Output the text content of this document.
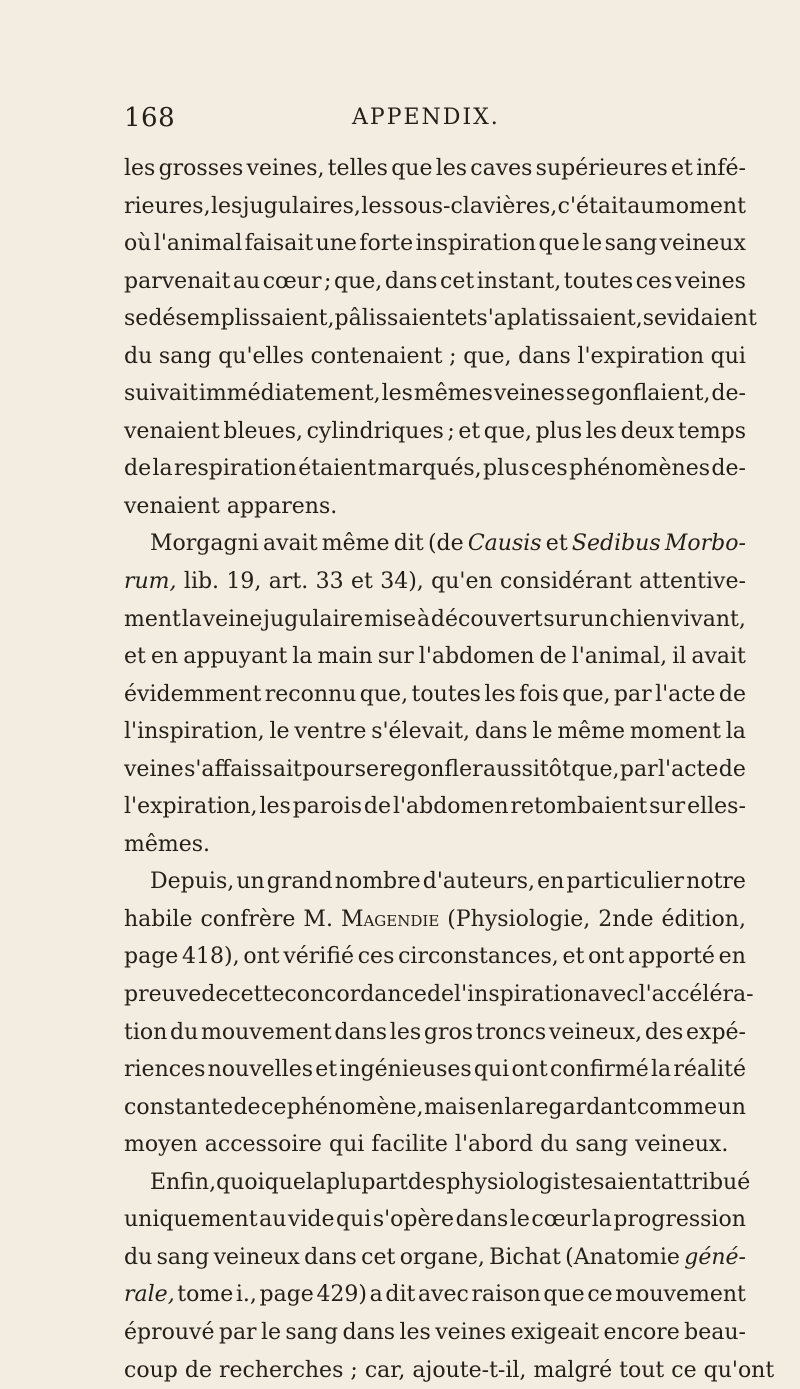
168	APPENDIX.
les grosses veines, telles que les caves supérieures et infé-
rieures, les jugulaires, les sous-clavières, c'était au moment
où l'animal faisait une forte inspiration que le sang veineux
parvenait au cœur ; que, dans cet instant, toutes ces veines
se désemplissaient, pâlissaient et s'aplatissaient, se vidaient
du sang qu'elles contenaient ; que, dans l'expiration qui
suivait immédiatement, les mêmes veines se gonflaient, de-
venaient bleues, cylindriques ; et que, plus les deux temps
de la respiration étaient marqués, plus ces phénomènes de-
venaient apparens.
Morgagni avait même dit (de Causis et Sedibus Morbo-
rum, lib. 19, art. 33 et 34), qu'en considérant attentive-
ment la veine jugulaire mise à découvert sur un chien vivant,
et en appuyant la main sur l'abdomen de l'animal, il avait
évidemment reconnu que, toutes les fois que, par l'acte de
l'inspiration, le ventre s'élevait, dans le même moment la
veine s'affaissait pour se regonfler aussitôt que, par l'acte de
l'expiration, les parois de l'abdomen retombaient sur elles-
mêmes.
Depuis, un grand nombre d'auteurs, en particulier notre
habile confrère M. Magendie (Physiologie, 2nde édition,
page 418), ont vérifié ces circonstances, et ont apporté en
preuve de cette concordance de l'inspiration avec l'accéléra-
tion du mouvement dans les gros troncs veineux, des expé-
riences nouvelles et ingénieuses qui ont confirmé la réalité
constante de ce phénomène, mais en la regardant comme un
moyen accessoire qui facilite l'abord du sang veineux.
Enfin, quoique la plupart des physiologistes aient attribué
uniquement au vide qui s'opère dans le cœur la progression
du sang veineux dans cet organe, Bichat (Anatomie géné-
rale, tome i., page 429) a dit avec raison que ce mouvement
éprouvé par le sang dans les veines exigeait encore beau-
coup de recherches ; car, ajoute-t-il, malgré tout ce qu'ont
